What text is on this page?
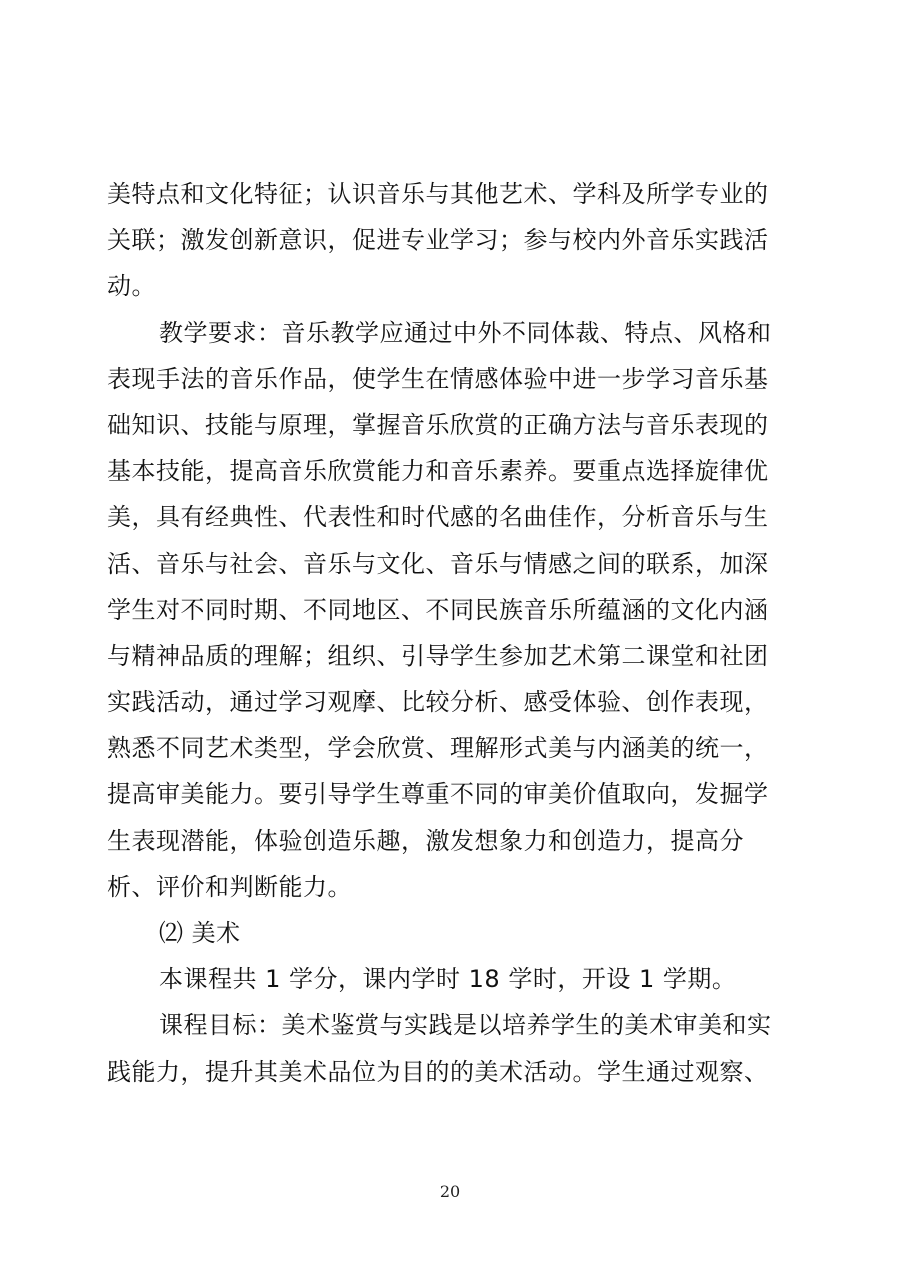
美特点和文化特征；认识音乐与其他艺术、学科及所学专业的
关联；激发创新意识，促进专业学习；参与校内外音乐实践活
动。
教学要求：音乐教学应通过中外不同体裁、特点、风格和
表现手法的音乐作品，使学生在情感体验中进一步学习音乐基
础知识、技能与原理，掌握音乐欣赏的正确方法与音乐表现的
基本技能，提高音乐欣赏能力和音乐素养。要重点选择旋律优
美，具有经典性、代表性和时代感的名曲佳作，分析音乐与生
活、音乐与社会、音乐与文化、音乐与情感之间的联系，加深
学生对不同时期、不同地区、不同民族音乐所蕴涵的文化内涵
与精神品质的理解；组织、引导学生参加艺术第二课堂和社团
实践活动，通过学习观摩、比较分析、感受体验、创作表现，
熟悉不同艺术类型，学会欣赏、理解形式美与内涵美的统一，
提高审美能力。要引导学生尊重不同的审美价值取向，发掘学
生表现潜能，体验创造乐趣，激发想象力和创造力，提高分
析、评价和判断能力。
⑵ 美术
本课程共 1 学分，课内学时 18 学时，开设 1 学期。
课程目标：美术鉴赏与实践是以培养学生的美术审美和实
践能力，提升其美术品位为目的的美术活动。学生通过观察、
20
